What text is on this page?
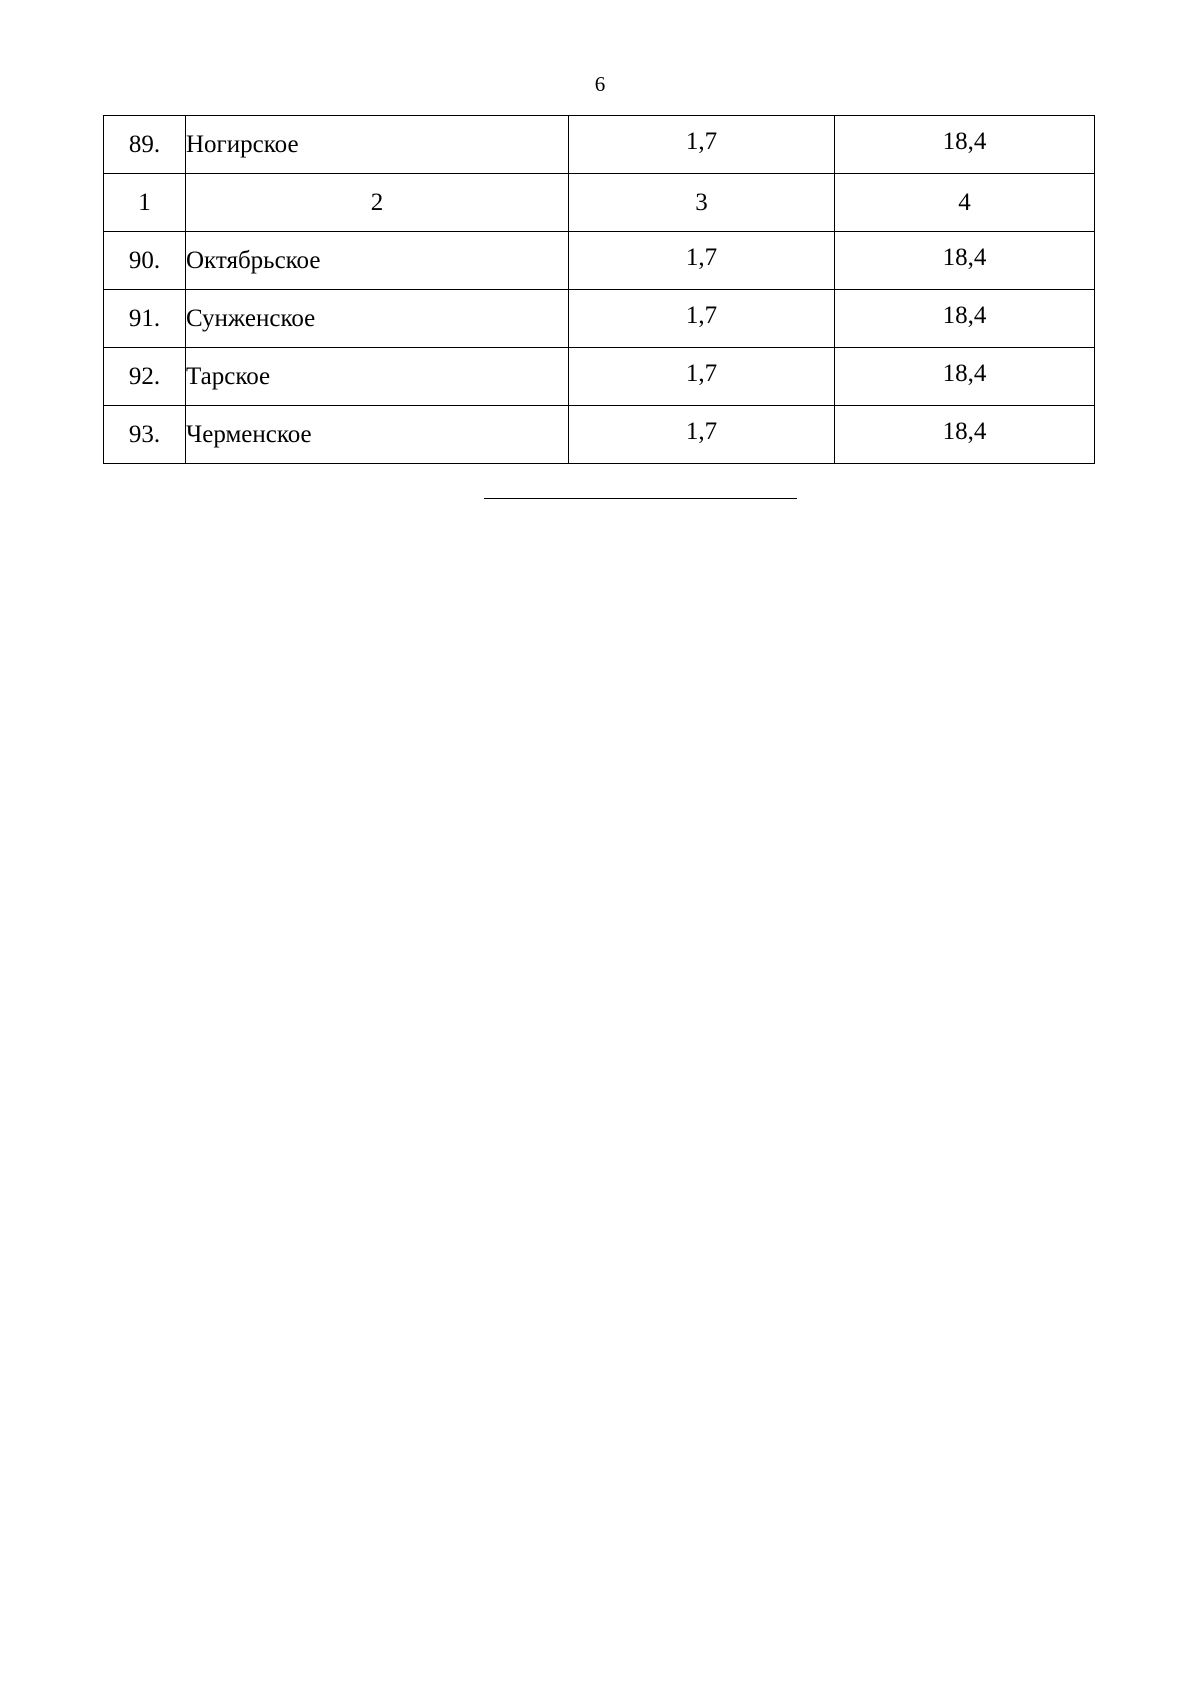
6
89.	Ногирское	1,7	18,4
1	2	3	4
90.	Октябрьское	1,7	18,4
91.	Сунженское	1,7	18,4
92.	Тарское	1,7	18,4
93.	Черменское	1,7	18,4
